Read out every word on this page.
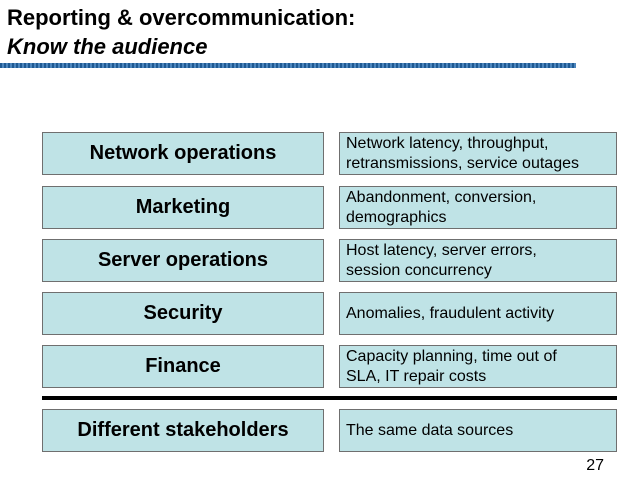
Reporting & overcommunication:
Know the audience
Network operations	Network latency, throughput,
retransmissions, service outages
Marketing	Abandonment, conversion,
demographics
Server operations	Host latency, server errors,
session concurrency
Security	Anomalies, fraudulent activity
Finance	Capacity planning, time out of
SLA, IT repair costs
Different stakeholders	The same data sources
27
